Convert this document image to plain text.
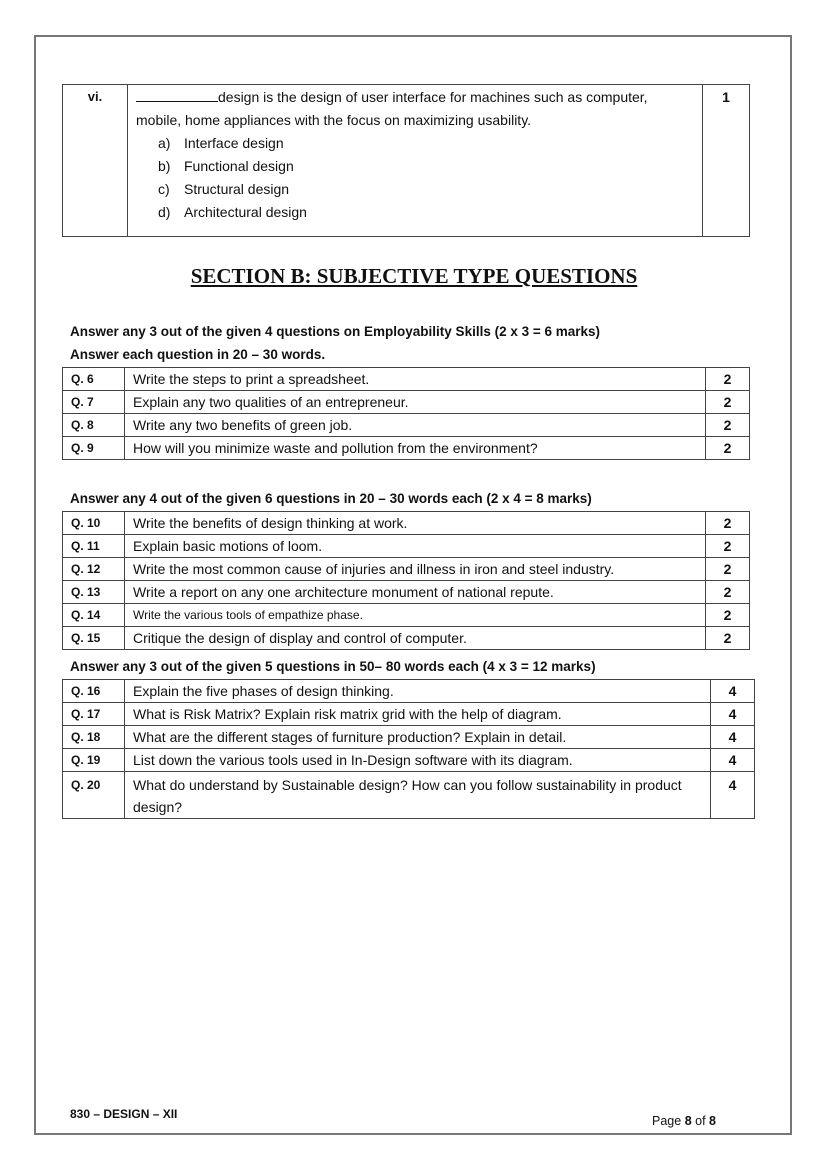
vi.	design is the design of user interface for machines such as computer,
mobile, home appliances with the focus on maximizing usability.
a) Interface design
b) Functional design
c) Structural design
d) Architectural design
	1
SECTION B: SUBJECTIVE TYPE QUESTIONS
Answer any 3 out of the given 4 questions on Employability Skills (2 x 3 = 6 marks)
Answer each question in 20 – 30 words.
Q. 6	Write the steps to print a spreadsheet.	2
Q. 7	Explain any two qualities of an entrepreneur.	2
Q. 8	Write any two benefits of green job.	2
Q. 9	How will you minimize waste and pollution from the environment?	2
Answer any 4 out of the given 6 questions in 20 – 30 words each (2 x 4 = 8 marks)
Q. 10	Write the benefits of design thinking at work.	2
Q. 11	Explain basic motions of loom.	2
Q. 12	Write the most common cause of injuries and illness in iron and steel industry.	2
Q. 13	Write a report on any one architecture monument of national repute.	2
Q. 14	Write the various tools of empathize phase.	2
Q. 15	Critique the design of display and control of computer.	2
Answer any 3 out of the given 5 questions in 50– 80 words each (4 x 3 = 12 marks)
Q. 16	Explain the five phases of design thinking.	4
Q. 17	What is Risk Matrix? Explain risk matrix grid with the help of diagram.	4
Q. 18	What are the different stages of furniture production? Explain in detail.	4
Q. 19	List down the various tools used in In-Design software with its diagram.	4
Q. 20	What do understand by Sustainable design? How can you follow sustainability in product design?	4
830 – DESIGN – XII	Page 8 of 8
